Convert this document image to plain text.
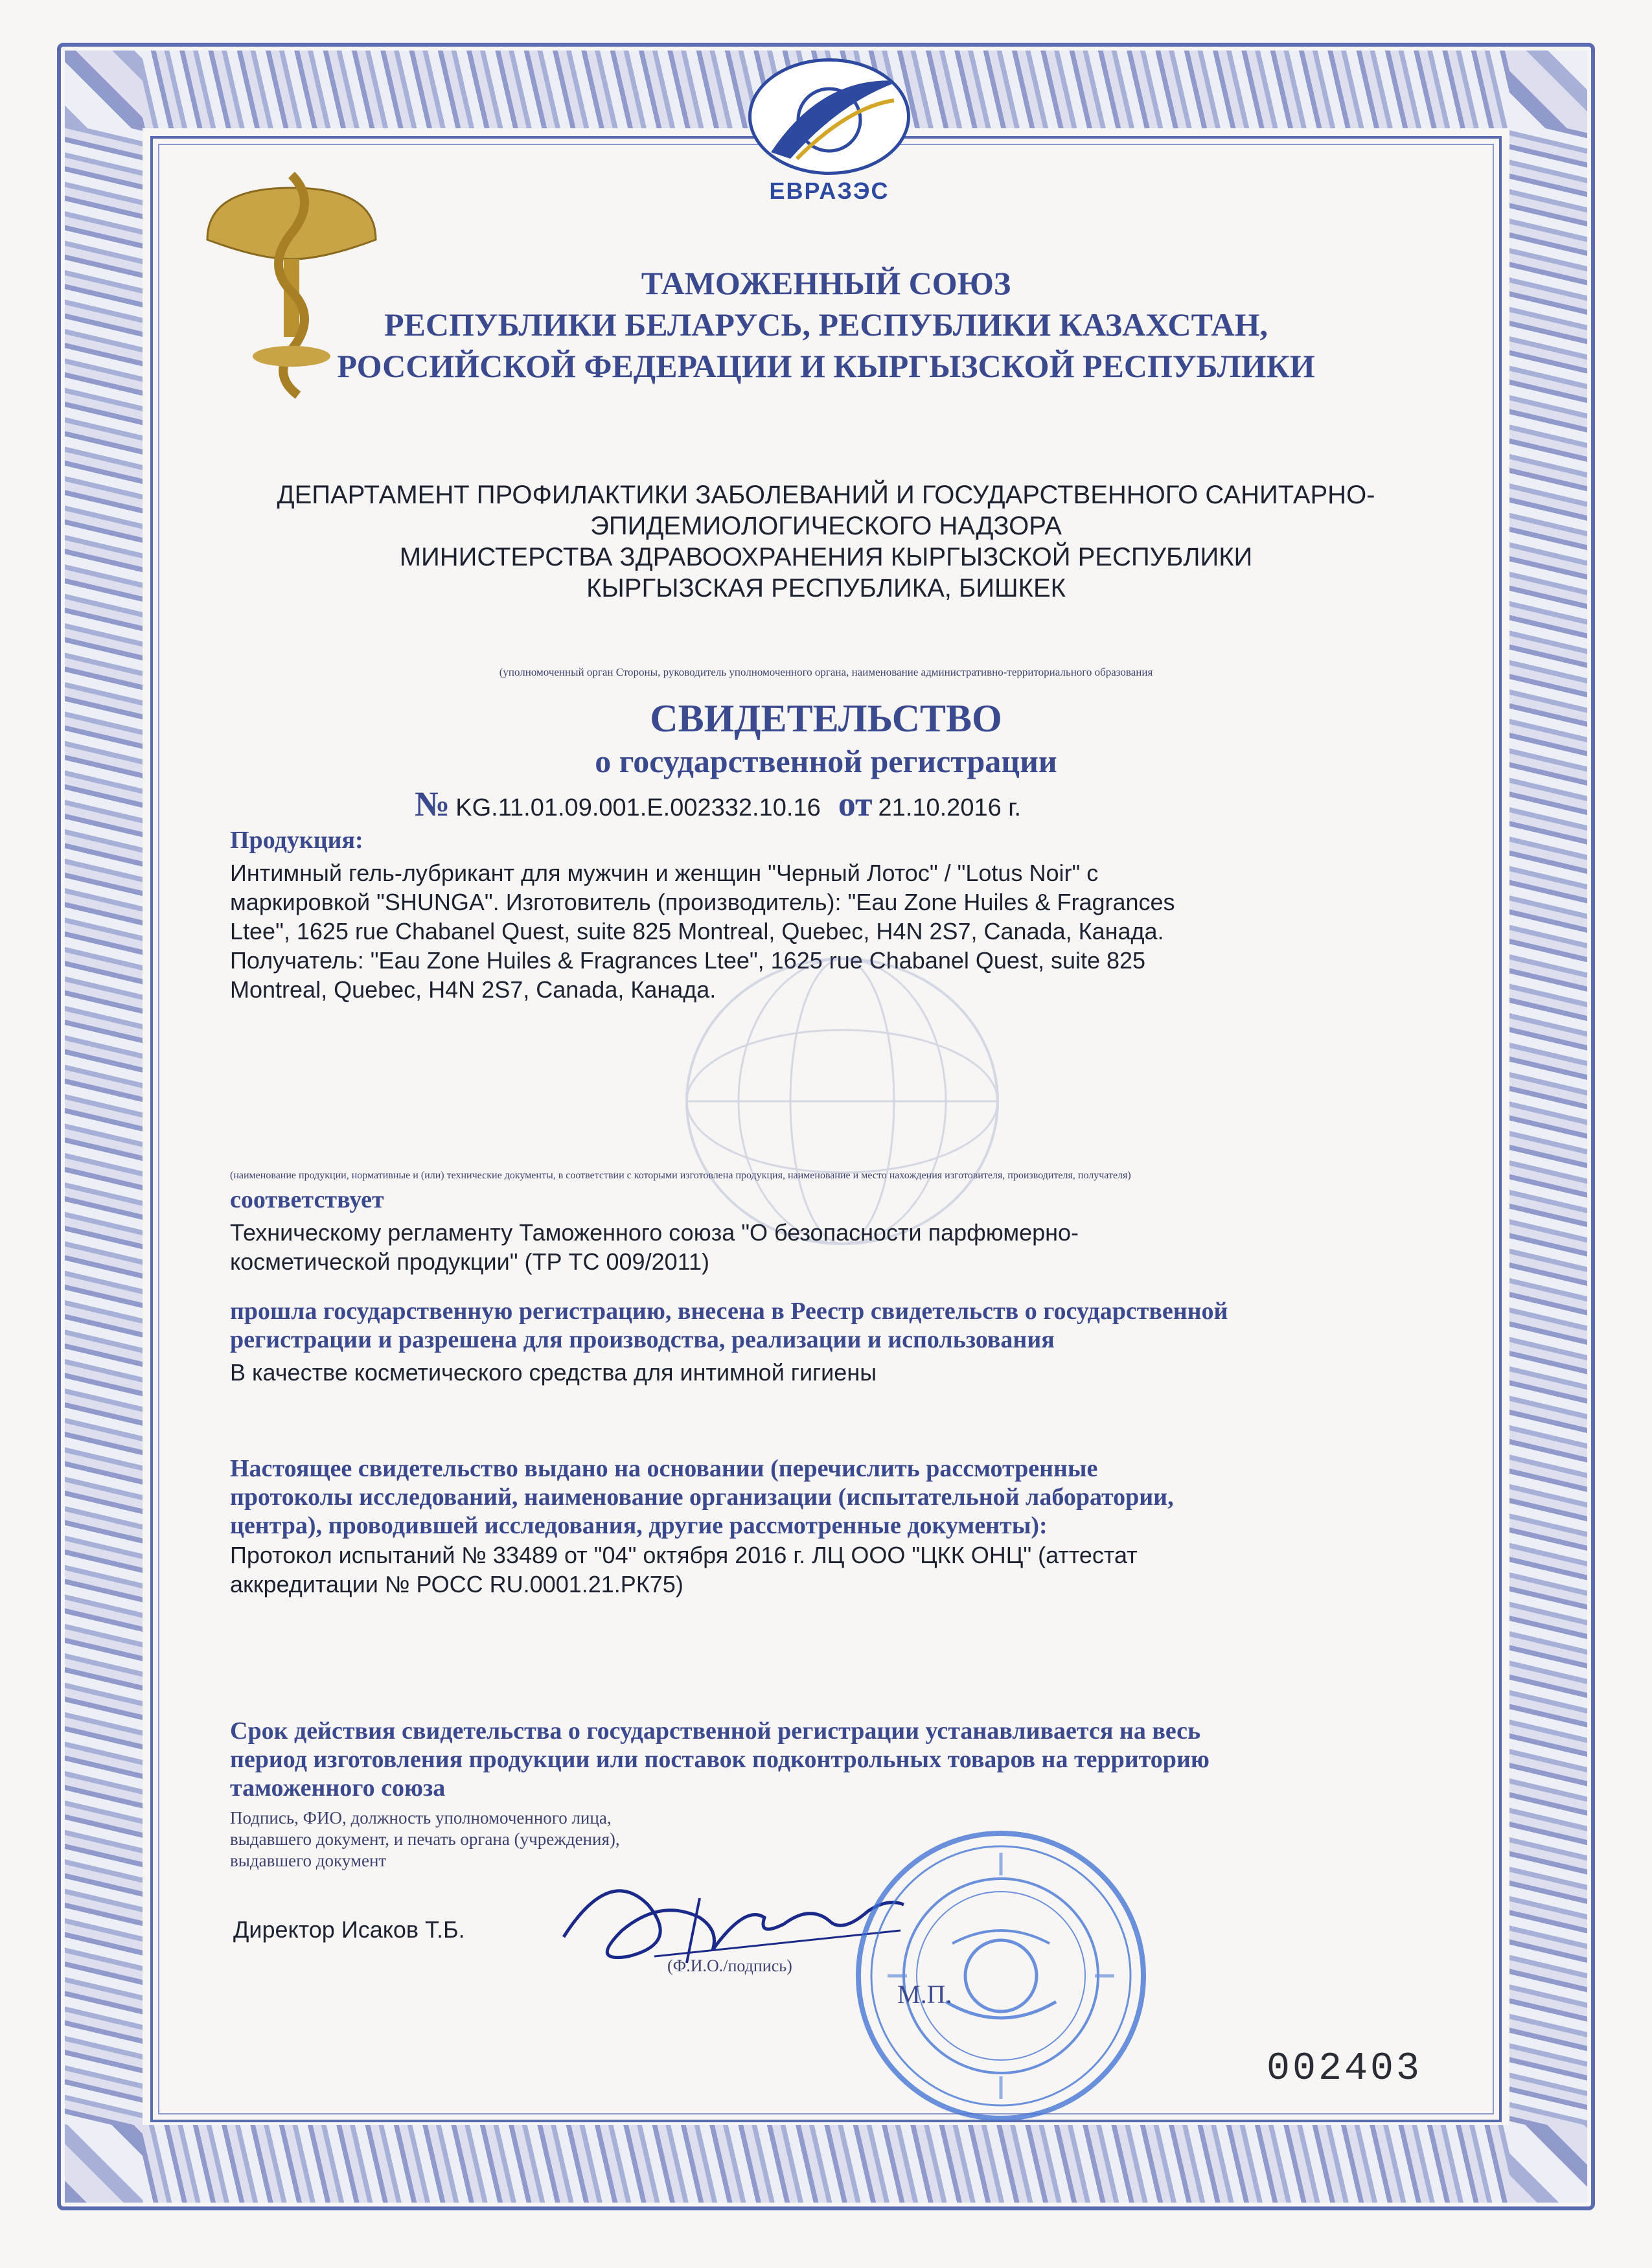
ЕВРАЗЭС
ТАМОЖЕННЫЙ СОЮЗ
РЕСПУБЛИКИ БЕЛАРУСЬ, РЕСПУБЛИКИ КАЗАХСТАН,
РОССИЙСКОЙ ФЕДЕРАЦИИ И КЫРГЫЗСКОЙ РЕСПУБЛИКИ
ДЕПАРТАМЕНТ ПРОФИЛАКТИКИ ЗАБОЛЕВАНИЙ И ГОСУДАРСТВЕННОГО САНИТАРНО-
ЭПИДЕМИОЛОГИЧЕСКОГО НАДЗОРА
МИНИСТЕРСТВА ЗДРАВООХРАНЕНИЯ КЫРГЫЗСКОЙ РЕСПУБЛИКИ
КЫРГЫЗСКАЯ РЕСПУБЛИКА, БИШКЕК
(уполномоченный орган Стороны, руководитель уполномоченного органа, наименование административно-территориального образования
СВИДЕТЕЛЬСТВО
о государственной регистрации
№ KG.11.01.09.001.E.002332.10.16 от 21.10.2016 г.
Продукция:
Интимный гель-лубрикант для мужчин и женщин "Черный Лотос" / "Lotus Noir" с
маркировкой "SHUNGA". Изготовитель (производитель): "Eau Zone Huiles & Fragrances
Ltee", 1625 rue Chabanel Quest, suite 825 Montreal, Quebec, H4N 2S7, Canada, Канада.
Получатель: "Eau Zone Huiles & Fragrances Ltee", 1625 rue Chabanel Quest, suite 825
Montreal, Quebec, H4N 2S7, Canada, Канада.
(наименование продукции, нормативные и (или) технические документы, в соответствии с которыми изготовлена продукция, наименование и место нахождения изготовителя, производителя, получателя)
соответствует
Техническому регламенту Таможенного союза "О безопасности парфюмерно-
косметической продукции" (ТР ТС 009/2011)
прошла государственную регистрацию, внесена в Реестр свидетельств о государственной
регистрации и разрешена для производства, реализации и использования
В качестве косметического средства для интимной гигиены
Настоящее свидетельство выдано на основании (перечислить рассмотренные
протоколы исследований, наименование организации (испытательной лаборатории,
центра), проводившей исследования, другие рассмотренные документы):
Протокол испытаний № 33489 от "04" октября 2016 г. ЛЦ ООО "ЦКК ОНЦ" (аттестат
аккредитации № РОСС RU.0001.21.РК75)
Срок действия свидетельства о государственной регистрации устанавливается на весь
период изготовления продукции или поставок подконтрольных товаров на территорию
таможенного союза
Подпись, ФИО, должность уполномоченного лица,
выдавшего документ, и печать органа (учреждения),
выдавшего документ
Директор Исаков Т.Б.
(Ф.И.О./подпись)
М.П.
002403
